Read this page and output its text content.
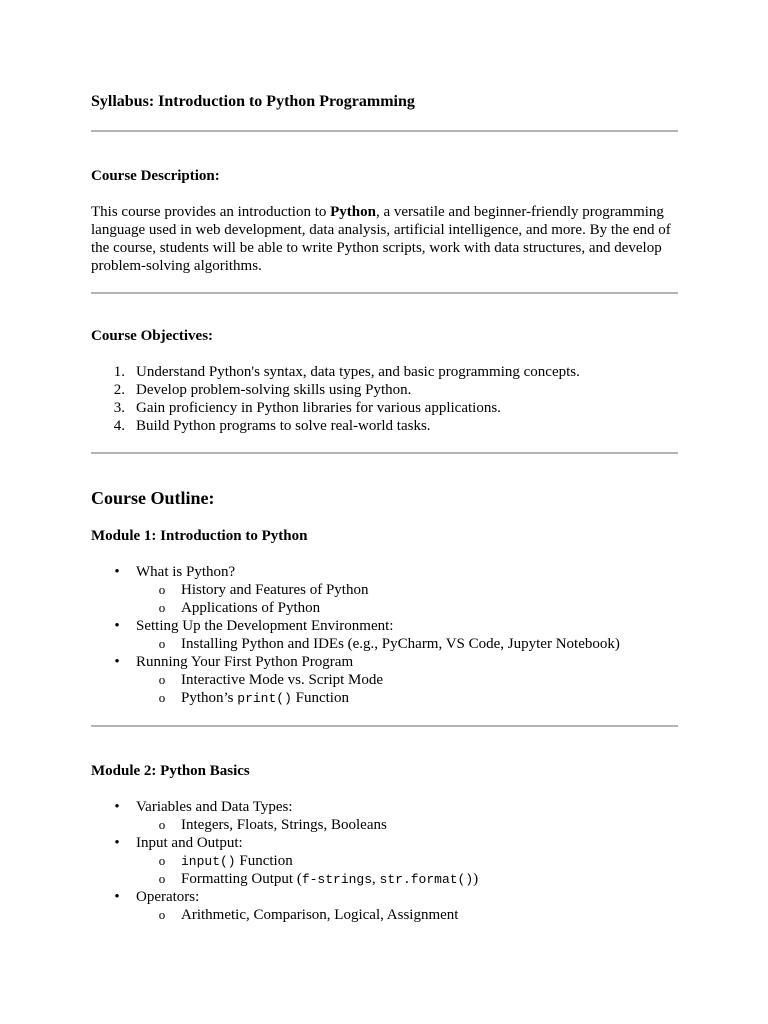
Syllabus: Introduction to Python Programming
Course Description:
This course provides an introduction to Python, a versatile and beginner-friendly programming language used in web development, data analysis, artificial intelligence, and more. By the end of the course, students will be able to write Python scripts, work with data structures, and develop problem-solving algorithms.
Course Objectives:
1. Understand Python's syntax, data types, and basic programming concepts.
2. Develop problem-solving skills using Python.
3. Gain proficiency in Python libraries for various applications.
4. Build Python programs to solve real-world tasks.
Course Outline:
Module 1: Introduction to Python
• What is Python?
o History and Features of Python
o Applications of Python
• Setting Up the Development Environment:
o Installing Python and IDEs (e.g., PyCharm, VS Code, Jupyter Notebook)
• Running Your First Python Program
o Interactive Mode vs. Script Mode
o Python’s print() Function
Module 2: Python Basics
• Variables and Data Types:
o Integers, Floats, Strings, Booleans
• Input and Output:
o input() Function
o Formatting Output (f-strings, str.format())
• Operators:
o Arithmetic, Comparison, Logical, Assignment
